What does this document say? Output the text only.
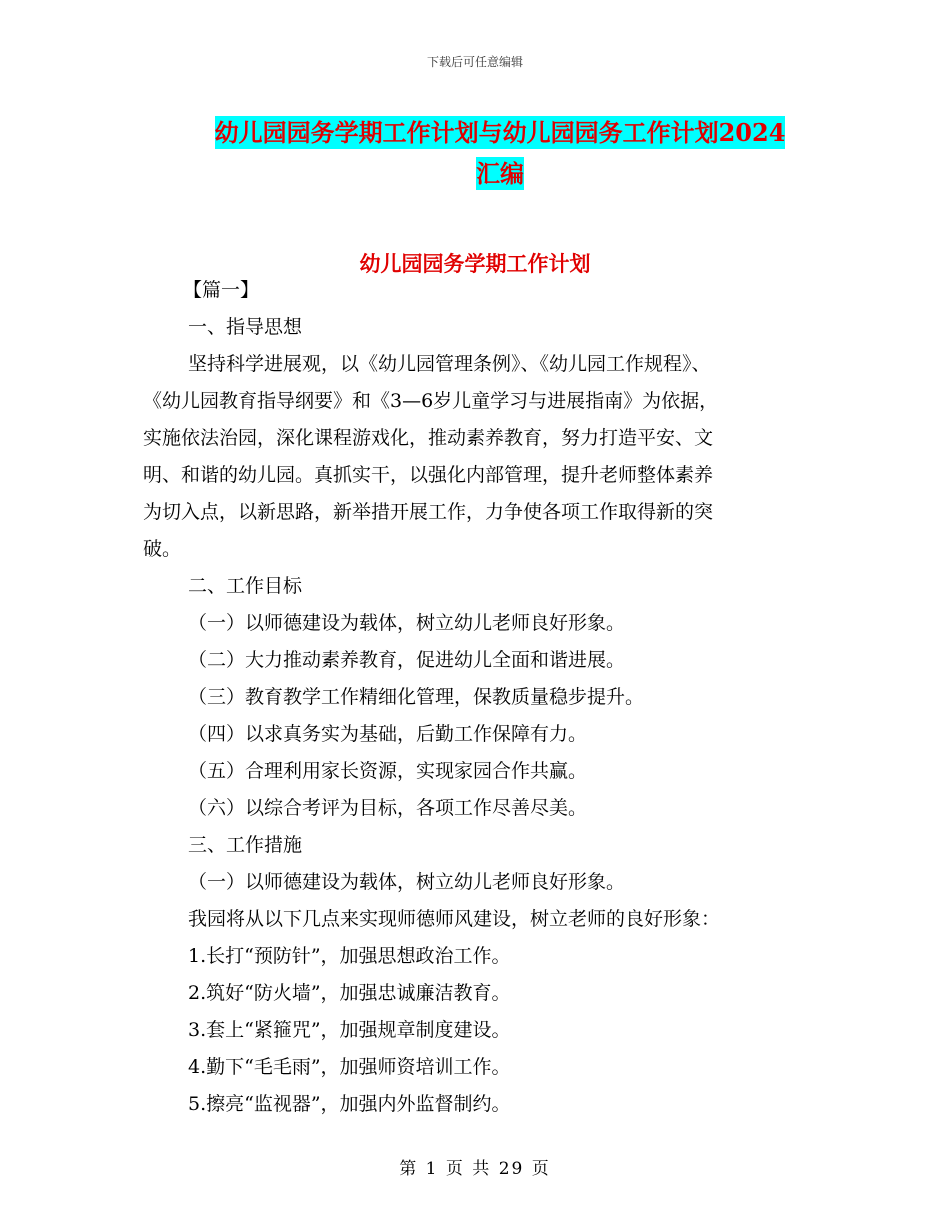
下载后可任意编辑
幼儿园园务学期工作计划与幼儿园园务工作计划2024
汇编
幼儿园园务学期工作计划
【篇一】
一、指导思想
坚持科学进展观，以《幼儿园管理条例》、《幼儿园工作规程》、
《幼儿园教育指导纲要》和《3—6岁儿童学习与进展指南》为依据，
实施依法治园，深化课程游戏化，推动素养教育，努力打造平安、文
明、和谐的幼儿园。真抓实干，以强化内部管理，提升老师整体素养
为切入点，以新思路，新举措开展工作，力争使各项工作取得新的突
破。
二、工作目标
（一）以师德建设为载体，树立幼儿老师良好形象。
（二）大力推动素养教育，促进幼儿全面和谐进展。
（三）教育教学工作精细化管理，保教质量稳步提升。
（四）以求真务实为基础，后勤工作保障有力。
（五）合理利用家长资源，实现家园合作共赢。
（六）以综合考评为目标，各项工作尽善尽美。
三、工作措施
（一）以师德建设为载体，树立幼儿老师良好形象。
我园将从以下几点来实现师德师风建设，树立老师的良好形象：
1.长打“预防针”，加强思想政治工作。
2.筑好“防火墙”，加强忠诚廉洁教育。
3.套上“紧箍咒”，加强规章制度建设。
4.勤下“毛毛雨”，加强师资培训工作。
5.擦亮“监视器”，加强内外监督制约。
第 1 页 共 29 页
